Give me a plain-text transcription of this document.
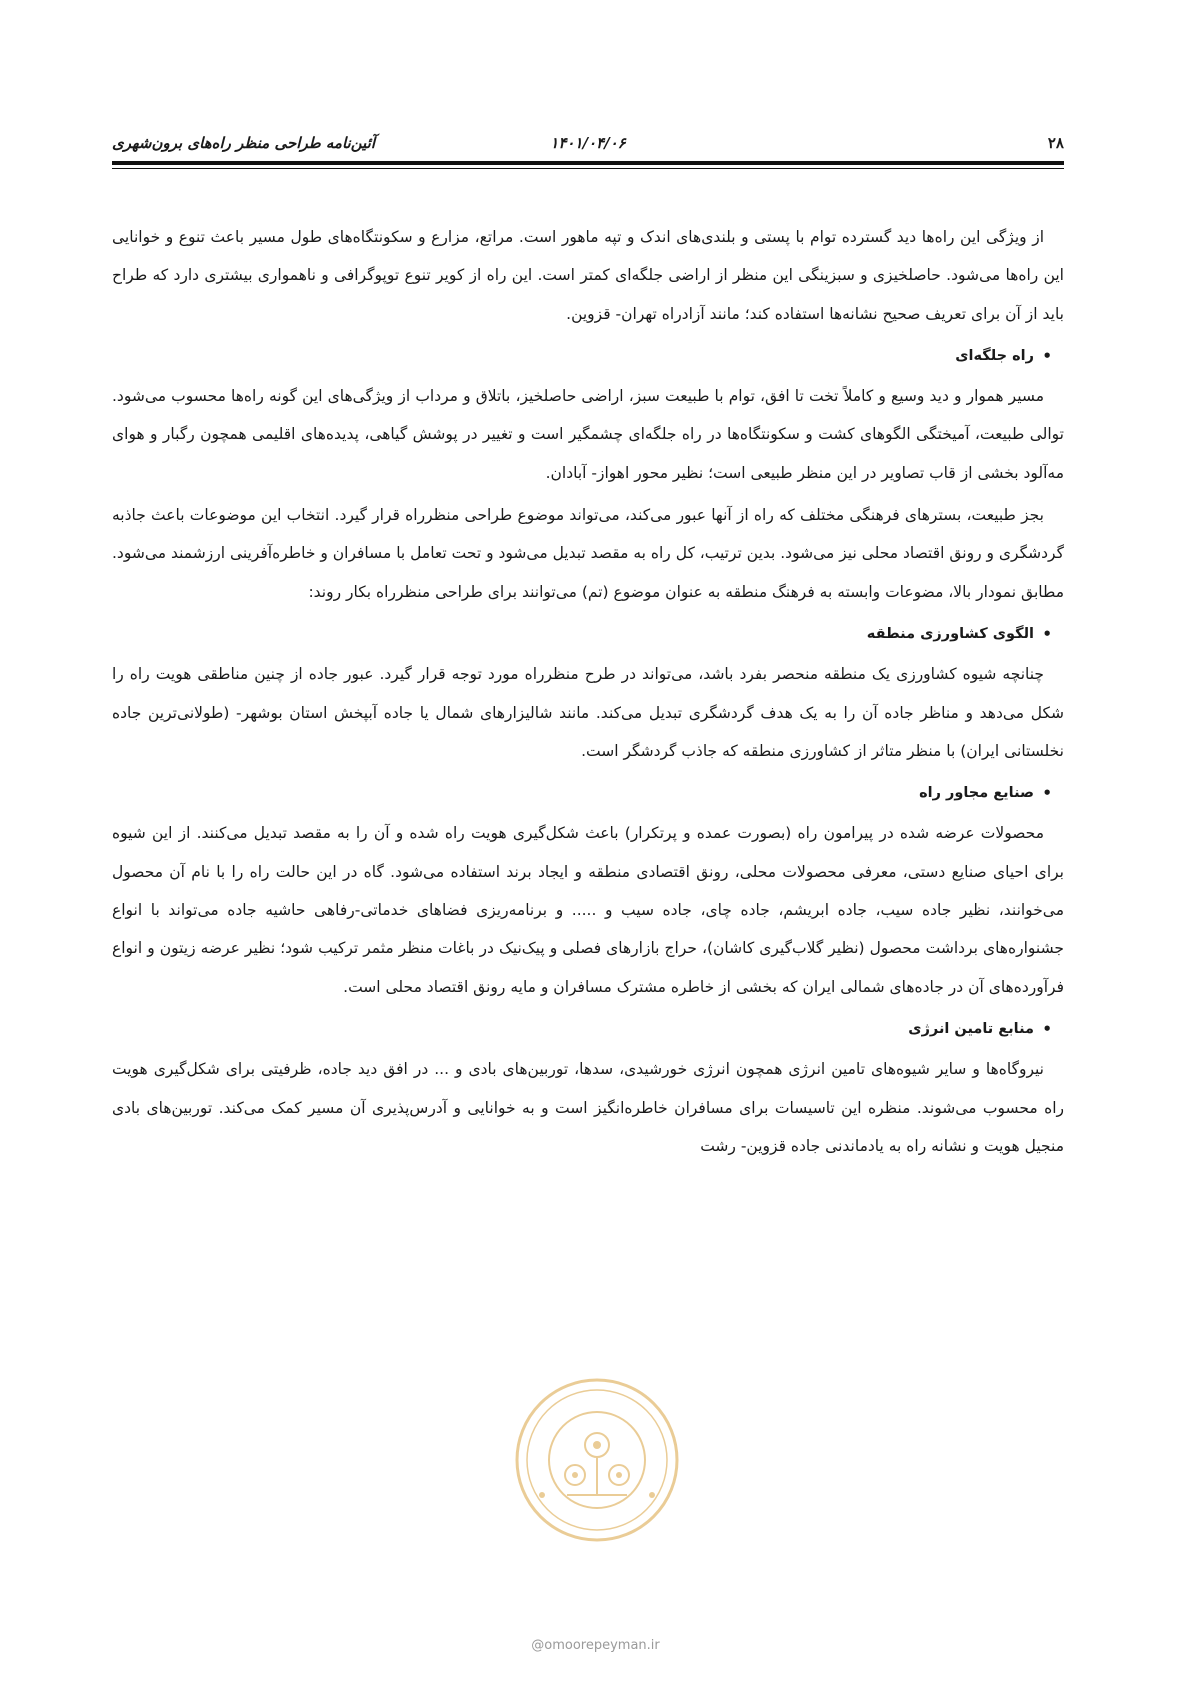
۲۸
۱۴۰۱/۰۴/۰۶
آئین‌نامه طراحی منظر راه‌های برون‌شهری

از ویژگی این راه‌ها دید گسترده توام با پستی و بلندی‌های اندک و تپه ماهور است. مراتع، مزارع و سکونتگاه‌های طول مسیر باعث تنوع و خوانایی این راه‌ها می‌شود. حاصلخیزی و سبزینگی این منظر از اراضی جلگه‌ای کمتر است. این راه از کویر تنوع توپوگرافی و ناهمواری بیشتری دارد که طراح باید از آن برای تعریف صحیح نشانه‌ها استفاده کند؛ مانند آزادراه تهران- قزوین.

• راه جلگه‌ای

مسیر هموار و دید وسیع و کاملاً تخت تا افق، توام با طبیعت سبز، اراضی حاصلخیز، باتلاق و مرداب از ویژگی‌های این گونه راه‌ها محسوب می‌شود. توالی طبیعت، آمیختگی الگوهای کشت و سکونتگاه‌ها در راه جلگه‌ای چشمگیر است و تغییر در پوشش گیاهی، پدیده‌های اقلیمی همچون رگبار و هوای مه‌آلود بخشی از قاب تصاویر در این منظر طبیعی است؛ نظیر محور اهواز- آبادان.

بجز طبیعت، بسترهای فرهنگی مختلف که راه از آنها عبور می‌کند، می‌تواند موضوع طراحی منظرراه قرار گیرد. انتخاب این موضوعات باعث جاذبه گردشگری و رونق اقتصاد محلی نیز می‌شود. بدین ترتیب، کل راه به مقصد تبدیل می‌شود و تحت تعامل با مسافران و خاطره‌آفرینی ارزشمند می‌شود. مطابق نمودار بالا، مضوعات وابسته به فرهنگ منطقه به عنوان موضوع (تم) می‌توانند برای طراحی منظرراه بکار روند:

• الگوی کشاورزی منطقه

چنانچه شیوه کشاورزی یک منطقه منحصر بفرد باشد، می‌تواند در طرح منظرراه مورد توجه قرار گیرد. عبور جاده از چنین مناطقی هویت راه را شکل می‌دهد و مناظر جاده آن را به یک هدف گردشگری تبدیل می‌کند. مانند شالیزارهای شمال یا جاده آبپخش استان بوشهر- (طولانی‌ترین جاده نخلستانی ایران) با منظر متاثر از کشاورزی منطقه که جاذب گردشگر است.

• صنایع مجاور راه

محصولات عرضه شده در پیرامون راه (بصورت عمده و پرتکرار) باعث شکل‌گیری هویت راه شده و آن را به مقصد تبدیل می‌کنند. از این شیوه برای احیای صنایع دستی، معرفی محصولات محلی، رونق اقتصادی منطقه و ایجاد برند استفاده می‌شود. گاه در این حالت راه را با نام آن محصول می‌خوانند، نظیر جاده سیب، جاده ابریشم، جاده چای، جاده سیب و ..... و برنامه‌ریزی فضاهای خدماتی-رفاهی حاشیه جاده می‌تواند با انواع جشنواره‌های برداشت محصول (نظیر گلاب‌گیری کاشان)، حراج بازارهای فصلی و پیک‌نیک در باغات منظر مثمر ترکیب شود؛ نظیر عرضه زیتون و انواع فرآورده‌های آن در جاده‌های شمالی ایران که بخشی از خاطره مشترک مسافران و مایه رونق اقتصاد محلی است.

• منابع تامین انرژی

نیروگاه‌ها و سایر شیوه‌های تامین انرژی همچون انرژی خورشیدی، سدها، توربین‌های بادی و ... در افق دید جاده، ظرفیتی برای شکل‌گیری هویت راه محسوب می‌شوند. منظره این تاسیسات برای مسافران خاطره‌انگیز است و به خوانایی و آدرس‌پذیری آن مسیر کمک می‌کند. توربین‌های بادی منجیل هویت و نشانه راه به یادماندنی جاده قزوین- رشت

@omoorepeyman.ir
